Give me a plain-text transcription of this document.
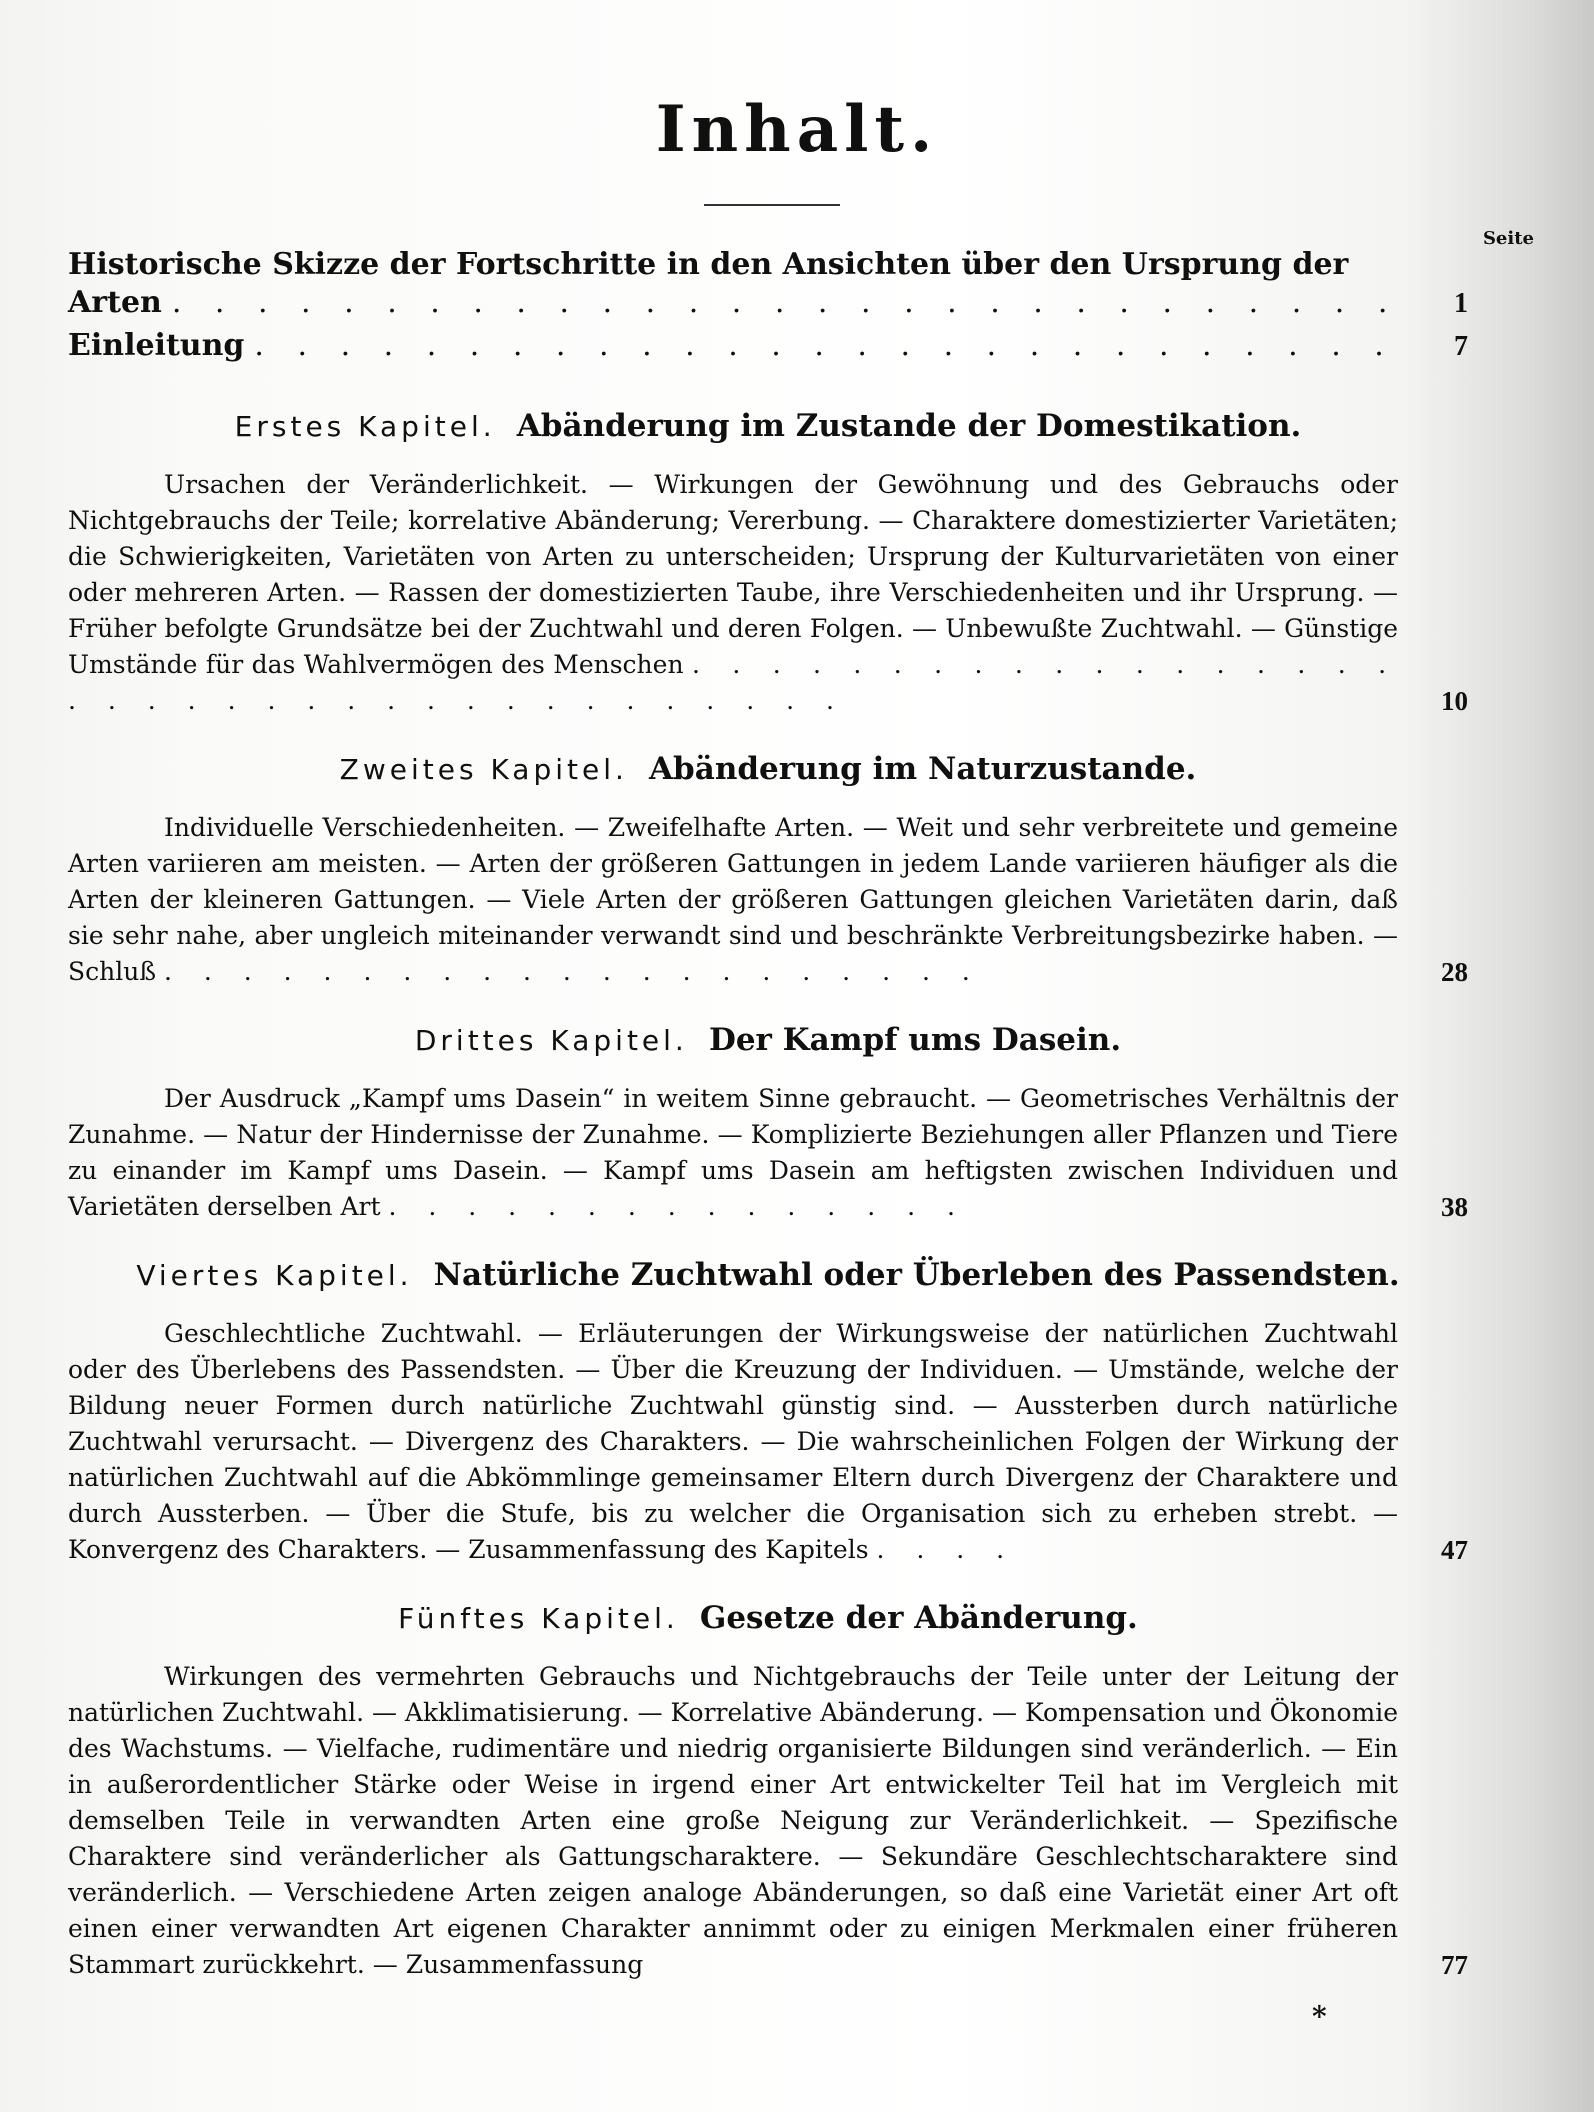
Inhalt.
Seite
Historische Skizze der Fortschritte in den Ansichten über den Ursprung der
Arten . . .	1
Einleitung . . .	7
Erstes Kapitel. Abänderung im Zustande der Domestikation.
Ursachen der Veränderlichkeit. — Wirkungen der Gewöhnung und des Gebrauchs oder Nichtgebrauchs der Teile; korrelative Abänderung; Vererbung. — Charaktere domestizierter Varietäten; die Schwierigkeiten, Varietäten von Arten zu unterscheiden; Ursprung der Kulturvarietäten von einer oder mehreren Arten. — Rassen der domestizierten Taube, ihre Verschiedenheiten und ihr Ursprung. — Früher befolgte Grundsätze bei der Zuchtwahl und deren Folgen. — Unbewußte Zuchtwahl. — Günstige Umstände für das Wahlvermögen des Menschen . . . . . . . . . . . . . . . . . . . . . . . . . . . . . . . . . . . . . .	10
Zweites Kapitel. Abänderung im Naturzustande.
Individuelle Verschiedenheiten. — Zweifelhafte Arten. — Weit und sehr verbreitete und gemeine Arten variieren am meisten. — Arten der größeren Gattungen in jedem Lande variieren häufiger als die Arten der kleineren Gattungen. — Viele Arten der größeren Gattungen gleichen Varietäten darin, daß sie sehr nahe, aber ungleich miteinander verwandt sind und beschränkte Verbreitungsbezirke haben. — Schluß . . . . . . . . . . . . . . . . . . . . .	28
Drittes Kapitel. Der Kampf ums Dasein.
Der Ausdruck „Kampf ums Dasein“ in weitem Sinne gebraucht. — Geometrisches Verhältnis der Zunahme. — Natur der Hindernisse der Zunahme. — Komplizierte Beziehungen aller Pflanzen und Tiere zu einander im Kampf ums Dasein. — Kampf ums Dasein am heftigsten zwischen Individuen und Varietäten derselben Art . . . . . . . . . . . . . . .	38
Viertes Kapitel. Natürliche Zuchtwahl oder Überleben des Passendsten.
Geschlechtliche Zuchtwahl. — Erläuterungen der Wirkungsweise der natürlichen Zuchtwahl oder des Überlebens des Passendsten. — Über die Kreuzung der Individuen. — Umstände, welche der Bildung neuer Formen durch natürliche Zuchtwahl günstig sind. — Aussterben durch natürliche Zuchtwahl verursacht. — Divergenz des Charakters. — Die wahrscheinlichen Folgen der Wirkung der natürlichen Zuchtwahl auf die Abkömmlinge gemeinsamer Eltern durch Divergenz der Charaktere und durch Aussterben. — Über die Stufe, bis zu welcher die Organisation sich zu erheben strebt. — Konvergenz des Charakters. — Zusammenfassung des Kapitels . . . .	47
Fünftes Kapitel. Gesetze der Abänderung.
Wirkungen des vermehrten Gebrauchs und Nichtgebrauchs der Teile unter der Leitung der natürlichen Zuchtwahl. — Akklimatisierung. — Korrelative Abänderung. — Kompensation und Ökonomie des Wachstums. — Vielfache, rudimentäre und niedrig organisierte Bildungen sind veränderlich. — Ein in außerordentlicher Stärke oder Weise in irgend einer Art entwickelter Teil hat im Vergleich mit demselben Teile in verwandten Arten eine große Neigung zur Veränderlichkeit. — Spezifische Charaktere sind veränderlicher als Gattungscharaktere. — Sekundäre Geschlechtscharaktere sind veränderlich. — Verschiedene Arten zeigen analoge Abänderungen, so daß eine Varietät einer Art oft einen einer verwandten Art eigenen Charakter annimmt oder zu einigen Merkmalen einer früheren Stammart zurückkehrt. — Zusammenfassung	77
*
